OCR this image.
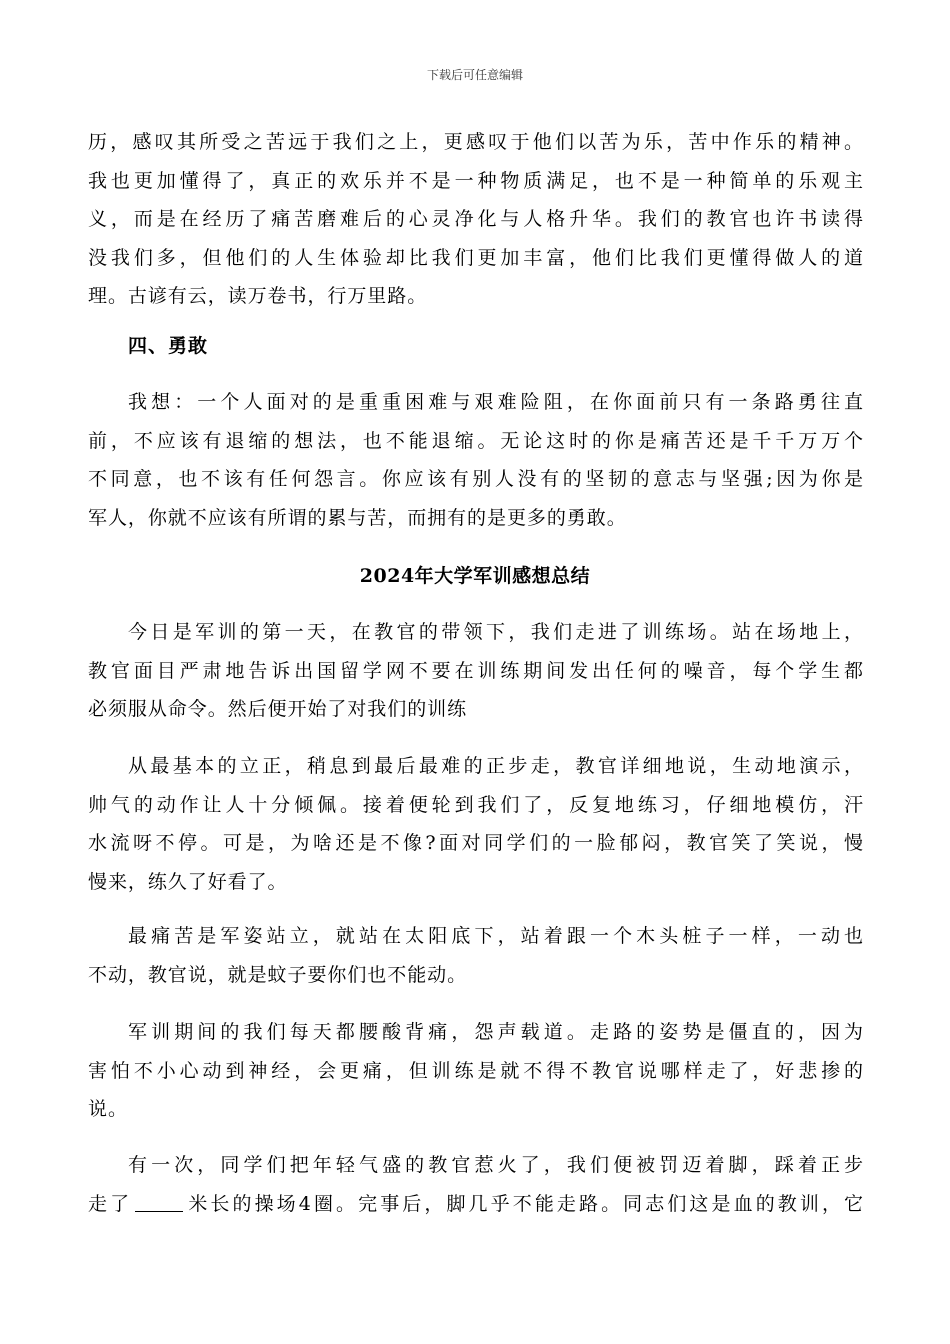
下载后可任意编辑
历，感叹其所受之苦远于我们之上，更感叹于他们以苦为乐，苦中作乐的精神。
我也更加懂得了，真正的欢乐并不是一种物质满足，也不是一种简单的乐观主
义，而是在经历了痛苦磨难后的心灵净化与人格升华。我们的教官也许书读得
没我们多，但他们的人生体验却比我们更加丰富，他们比我们更懂得做人的道
理。古谚有云，读万卷书，行万里路。
四、勇敢
我想：一个人面对的是重重困难与艰难险阻，在你面前只有一条路勇往直
前，不应该有退缩的想法，也不能退缩。无论这时的你是痛苦还是千千万万个
不同意，也不该有任何怨言。你应该有别人没有的坚韧的意志与坚强;因为你是
军人，你就不应该有所谓的累与苦，而拥有的是更多的勇敢。
2024年大学军训感想总结
今日是军训的第一天，在教官的带领下，我们走进了训练场。站在场地上，
教官面目严肃地告诉出国留学网不要在训练期间发出任何的噪音，每个学生都
必须服从命令。然后便开始了对我们的训练
从最基本的立正，稍息到最后最难的正步走，教官详细地说，生动地演示，
帅气的动作让人十分倾佩。接着便轮到我们了，反复地练习，仔细地模仿，汗
水流呀不停。可是，为啥还是不像?面对同学们的一脸郁闷，教官笑了笑说，慢
慢来，练久了好看了。
最痛苦是军姿站立，就站在太阳底下，站着跟一个木头桩子一样，一动也
不动，教官说，就是蚊子要你们也不能动。
军训期间的我们每天都腰酸背痛，怨声载道。走路的姿势是僵直的，因为
害怕不小心动到神经，会更痛，但训练是就不得不教官说哪样走了，好悲掺的
说。
有一次，同学们把年轻气盛的教官惹火了，我们便被罚迈着脚，踩着正步
走了	米长的操场4圈。完事后，脚几乎不能走路。同志们这是血的教训，它
